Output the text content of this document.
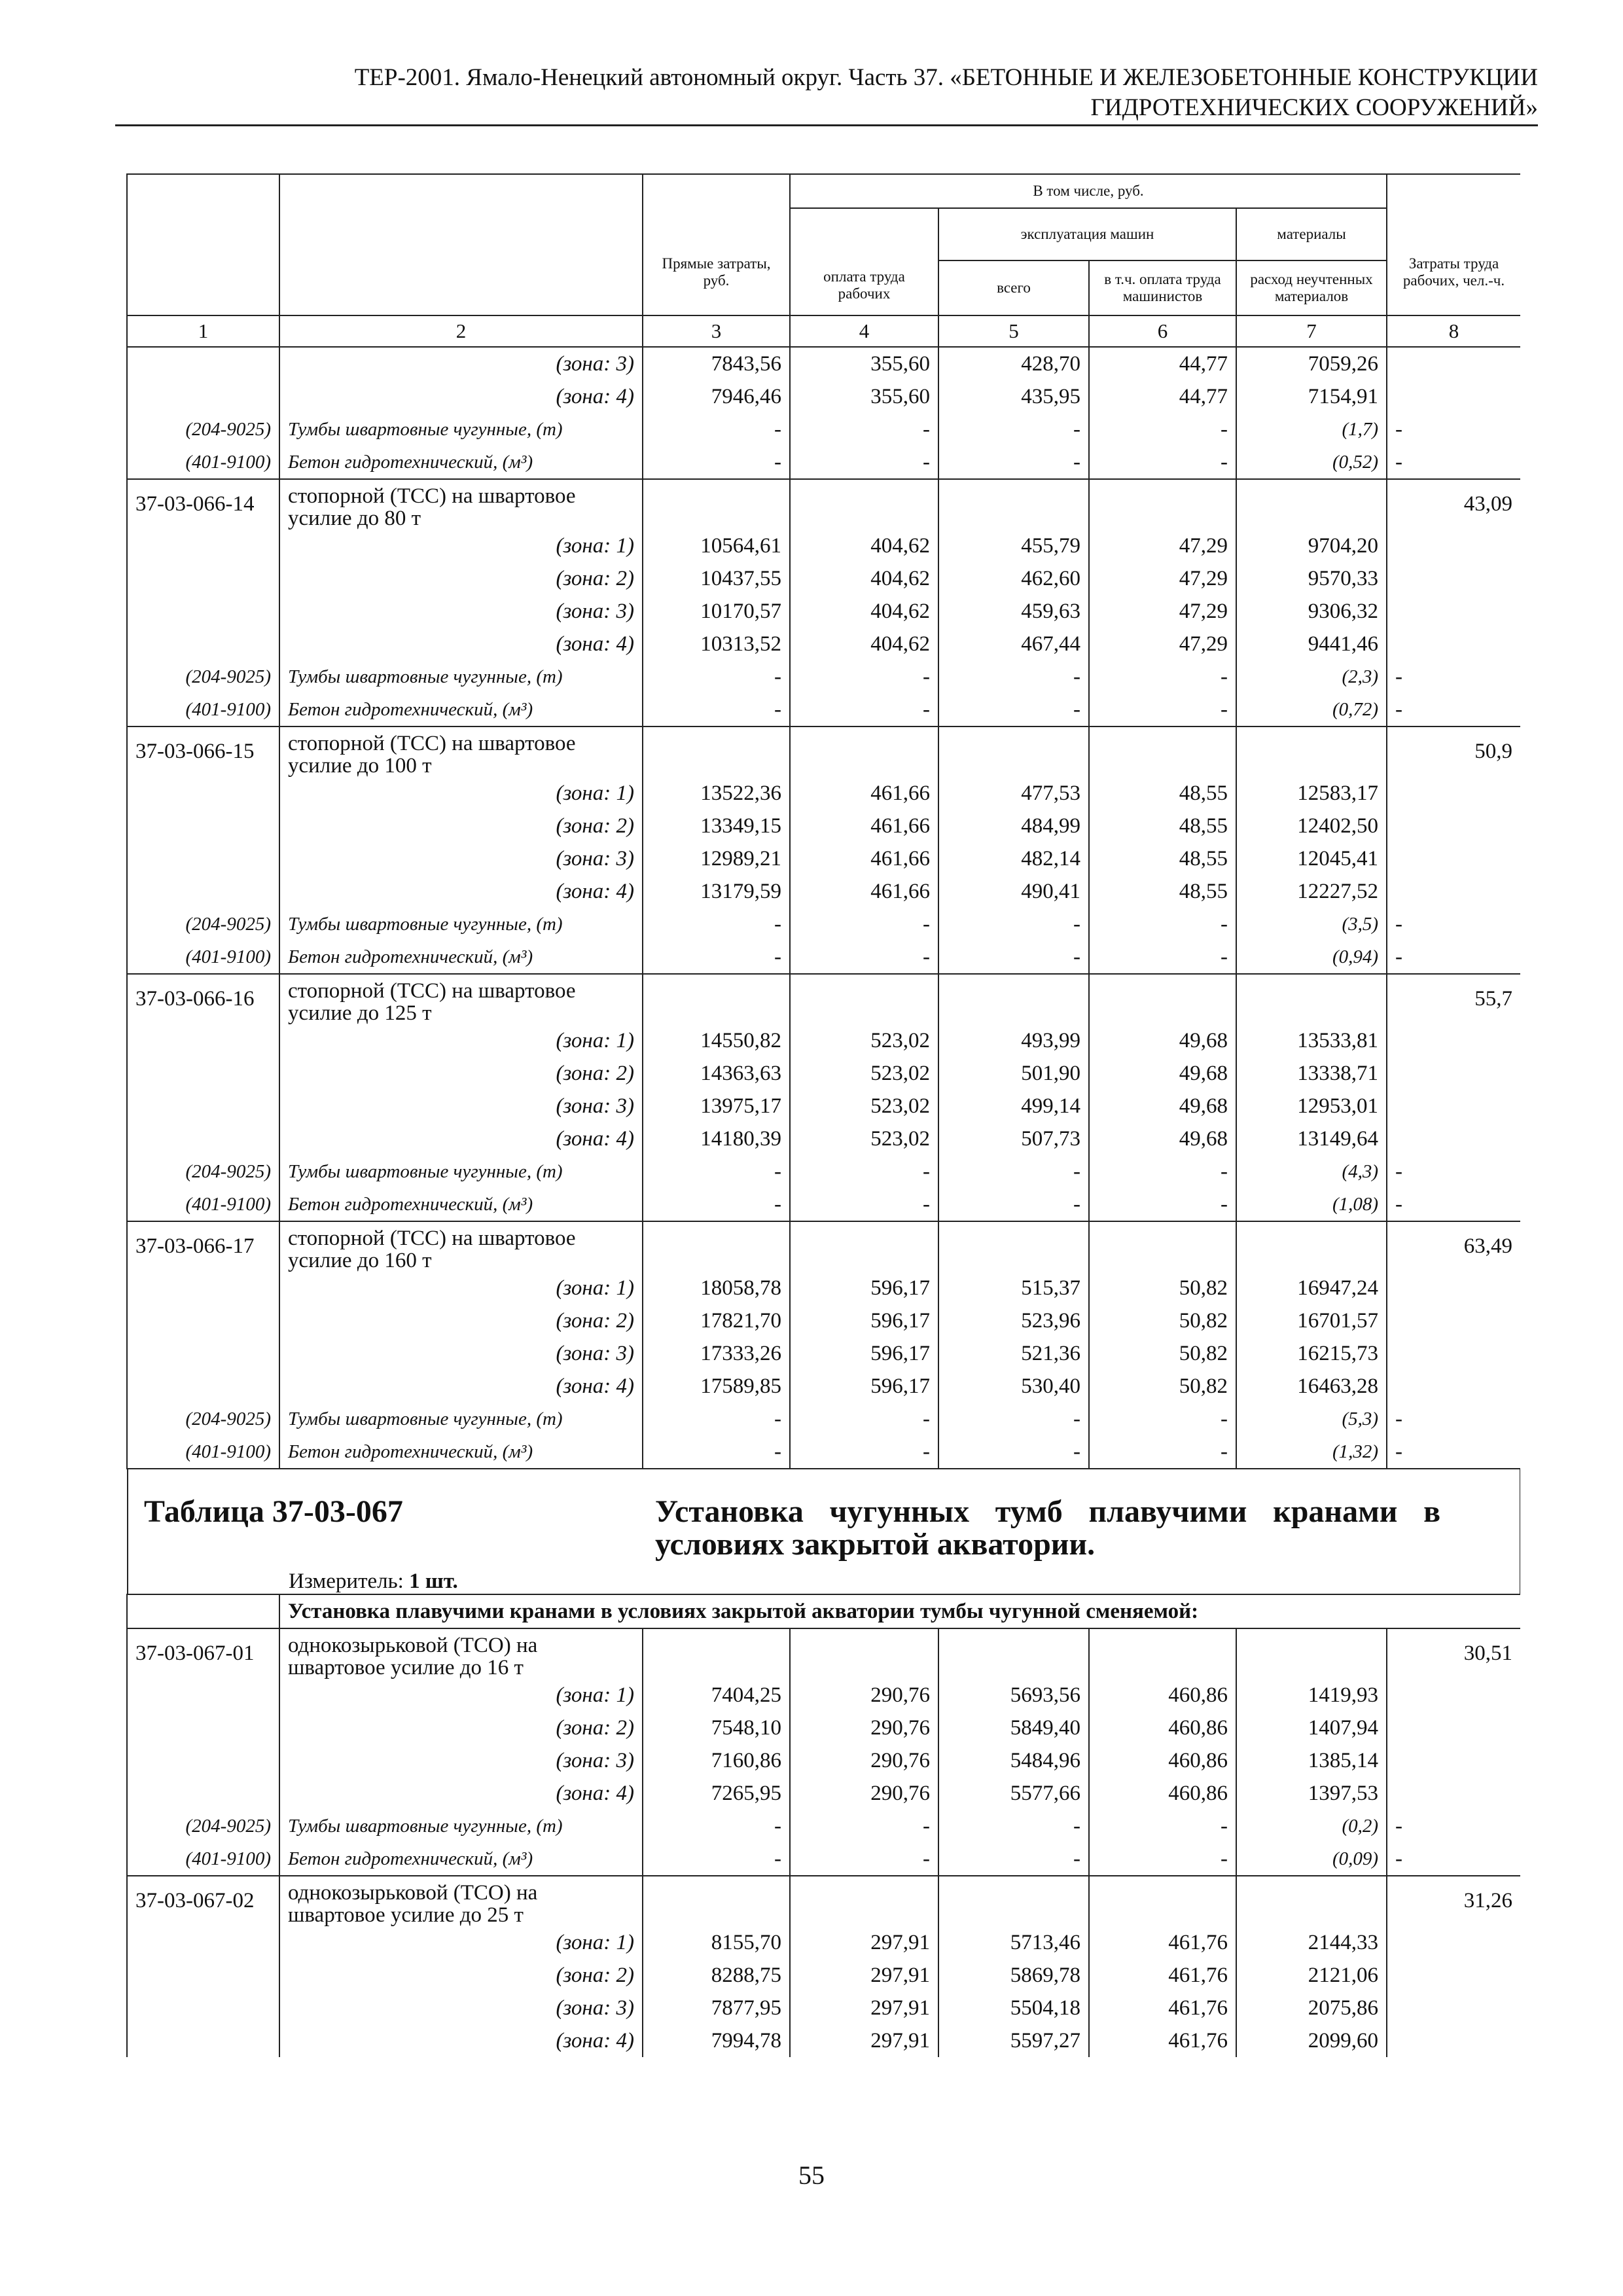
ТЕР-2001. Ямало-Ненецкий автономный округ. Часть 37. «БЕТОННЫЕ И ЖЕЛЕЗОБЕТОННЫЕ КОНСТРУКЦИИ
ГИДРОТЕХНИЧЕСКИХ СООРУЖЕНИЙ»
		Прямые затраты, руб.	В том числе, руб.				Затраты труда рабочих, чел.-ч.
			оплата труда рабочих	эксплуатация машин		материалы	
				всего	в т.ч. оплата труда машинистов	расход неучтенных материалов	
1	2	3	4	5	6	7	8
	(зона: 3)	7843,56	355,60	428,70	44,77	7059,26	
	(зона: 4)	7946,46	355,60	435,95	44,77	7154,91	
(204-9025)	Тумбы швартовные чугунные, (т)	-	-	-	-	(1,7)	-
(401-9100)	Бетон гидротехнический, (м³)	-	-	-	-	(0,52)	-
37-03-066-14	стопорной (ТСС) на швартовое усилие до 80 т						43,09
	(зона: 1)	10564,61	404,62	455,79	47,29	9704,20	
	(зона: 2)	10437,55	404,62	462,60	47,29	9570,33	
	(зона: 3)	10170,57	404,62	459,63	47,29	9306,32	
	(зона: 4)	10313,52	404,62	467,44	47,29	9441,46	
(204-9025)	Тумбы швартовные чугунные, (т)	-	-	-	-	(2,3)	-
(401-9100)	Бетон гидротехнический, (м³)	-	-	-	-	(0,72)	-
37-03-066-15	стопорной (ТСС) на швартовое усилие до 100 т						50,9
	(зона: 1)	13522,36	461,66	477,53	48,55	12583,17	
	(зона: 2)	13349,15	461,66	484,99	48,55	12402,50	
	(зона: 3)	12989,21	461,66	482,14	48,55	12045,41	
	(зона: 4)	13179,59	461,66	490,41	48,55	12227,52	
(204-9025)	Тумбы швартовные чугунные, (т)	-	-	-	-	(3,5)	-
(401-9100)	Бетон гидротехнический, (м³)	-	-	-	-	(0,94)	-
37-03-066-16	стопорной (ТСС) на швартовое усилие до 125 т						55,7
	(зона: 1)	14550,82	523,02	493,99	49,68	13533,81	
	(зона: 2)	14363,63	523,02	501,90	49,68	13338,71	
	(зона: 3)	13975,17	523,02	499,14	49,68	12953,01	
	(зона: 4)	14180,39	523,02	507,73	49,68	13149,64	
(204-9025)	Тумбы швартовные чугунные, (т)	-	-	-	-	(4,3)	-
(401-9100)	Бетон гидротехнический, (м³)	-	-	-	-	(1,08)	-
37-03-066-17	стопорной (ТСС) на швартовое усилие до 160 т						63,49
	(зона: 1)	18058,78	596,17	515,37	50,82	16947,24	
	(зона: 2)	17821,70	596,17	523,96	50,82	16701,57	
	(зона: 3)	17333,26	596,17	521,36	50,82	16215,73	
	(зона: 4)	17589,85	596,17	530,40	50,82	16463,28	
(204-9025)	Тумбы швартовные чугунные, (т)	-	-	-	-	(5,3)	-
(401-9100)	Бетон гидротехнический, (м³)	-	-	-	-	(1,32)	-

Таблица 37-03-067 Установка чугунных тумб плавучими кранами в условиях закрытой акватории.
Измеритель: 1 шт.							

	Установка плавучими кранами в условиях закрытой акватории тумбы чугунной сменяемой:						
37-03-067-01	однокозырьковой (ТСО) на швартовое усилие до 16 т						30,51
	(зона: 1)	7404,25	290,76	5693,56	460,86	1419,93	
	(зона: 2)	7548,10	290,76	5849,40	460,86	1407,94	
	(зона: 3)	7160,86	290,76	5484,96	460,86	1385,14	
	(зона: 4)	7265,95	290,76	5577,66	460,86	1397,53	
(204-9025)	Тумбы швартовные чугунные, (т)	-	-	-	-	(0,2)	-
(401-9100)	Бетон гидротехнический, (м³)	-	-	-	-	(0,09)	-
37-03-067-02	однокозырьковой (ТСО) на швартовое усилие до 25 т						31,26
	(зона: 1)	8155,70	297,91	5713,46	461,76	2144,33	
	(зона: 2)	8288,75	297,91	5869,78	461,76	2121,06	
	(зона: 3)	7877,95	297,91	5504,18	461,76	2075,86	
	(зона: 4)	7994,78	297,91	5597,27	461,76	2099,60	
55
